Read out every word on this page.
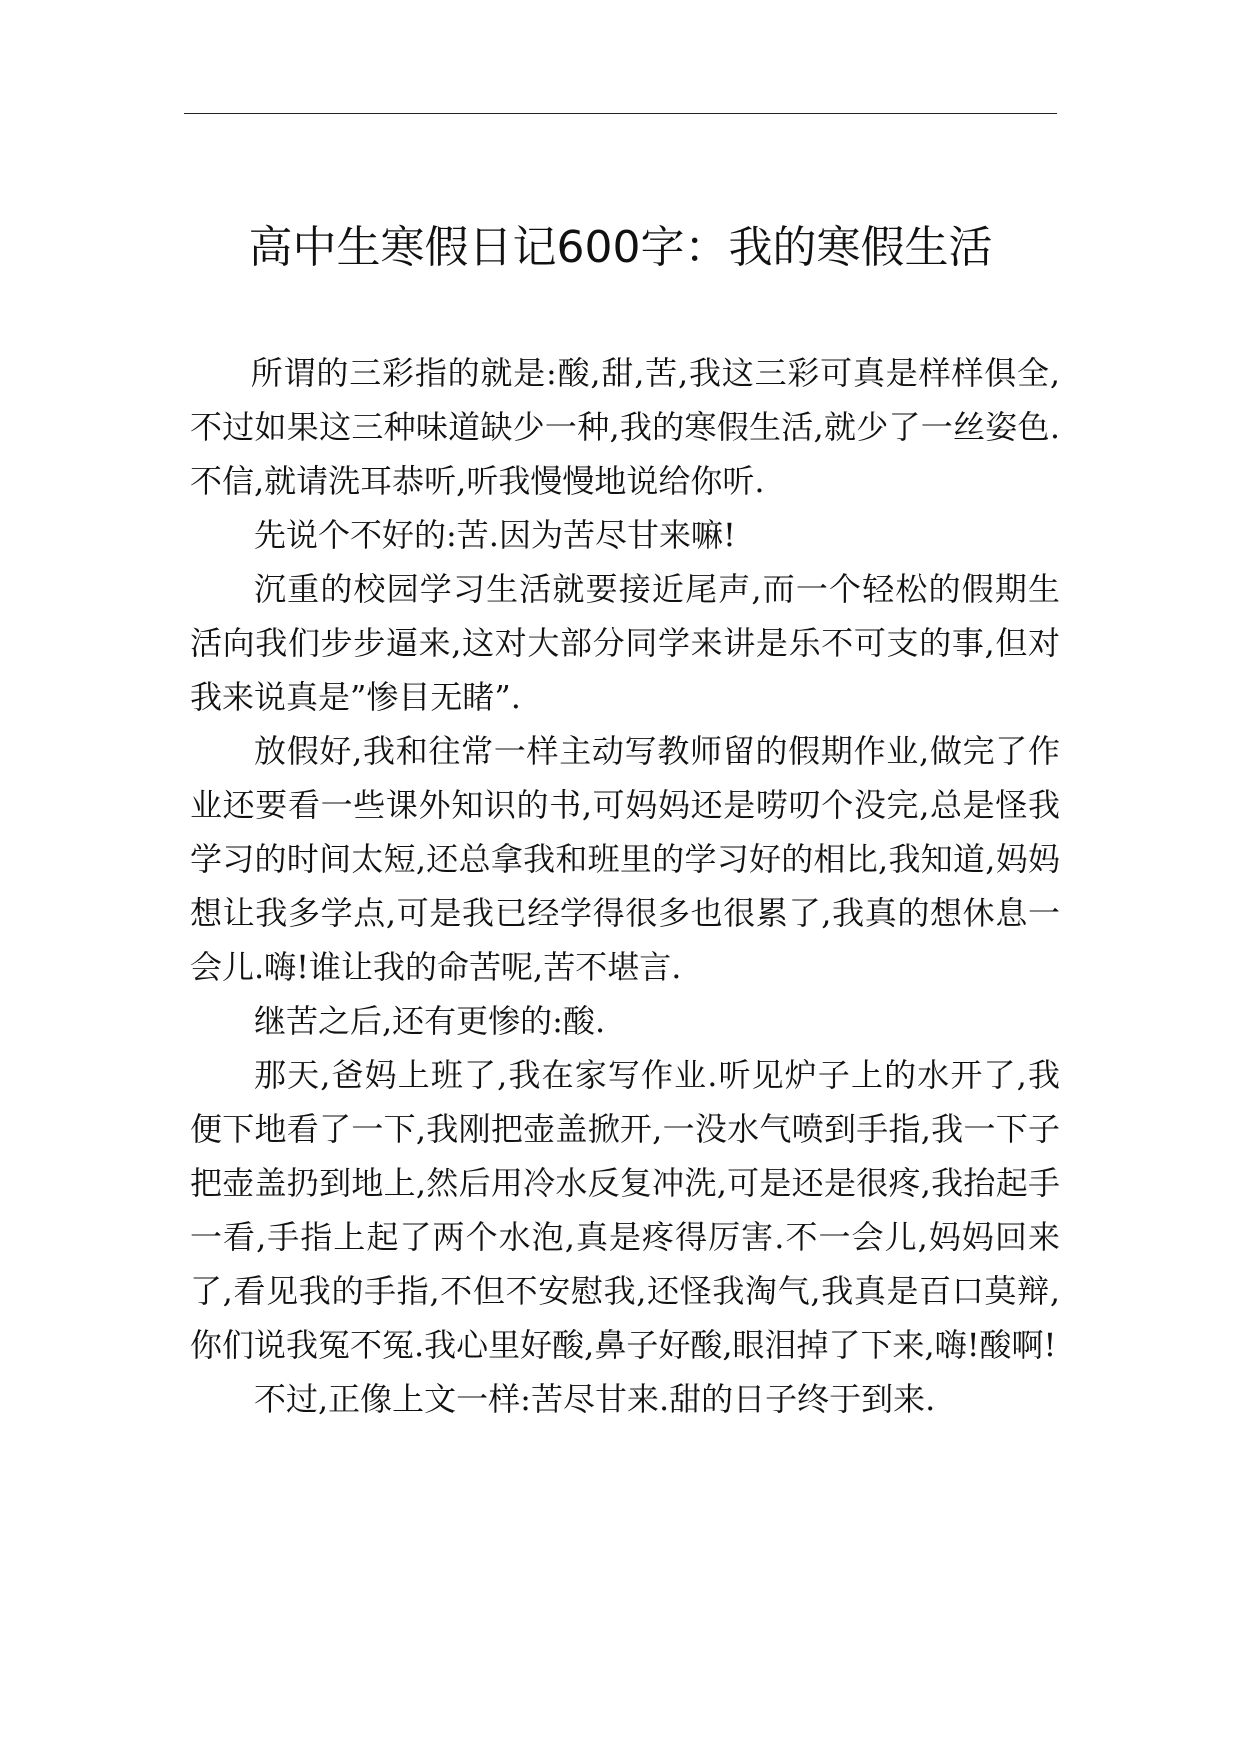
高中生寒假日记600字：我的寒假生活

所谓的三彩指的就是:酸,甜,苦,我这三彩可真是样样俱全,不过如果这三种味道缺少一种,我的寒假生活,就少了一丝姿色.不信,就请洗耳恭听,听我慢慢地说给你听.

先说个不好的:苦.因为苦尽甘来嘛!

沉重的校园学习生活就要接近尾声,而一个轻松的假期生活向我们步步逼来,这对大部分同学来讲是乐不可支的事,但对我来说真是”惨目无睹”.

放假好,我和往常一样主动写教师留的假期作业,做完了作业还要看一些课外知识的书,可妈妈还是唠叨个没完,总是怪我学习的时间太短,还总拿我和班里的学习好的相比,我知道,妈妈想让我多学点,可是我已经学得很多也很累了,我真的想休息一会儿.嗨!谁让我的命苦呢,苦不堪言.

继苦之后,还有更惨的:酸.

那天,爸妈上班了,我在家写作业.听见炉子上的水开了,我便下地看了一下,我刚把壶盖掀开,一没水气喷到手指,我一下子把壶盖扔到地上,然后用冷水反复冲洗,可是还是很疼,我抬起手一看,手指上起了两个水泡,真是疼得厉害.不一会儿,妈妈回来了,看见我的手指,不但不安慰我,还怪我淘气,我真是百口莫辩,你们说我冤不冤.我心里好酸,鼻子好酸,眼泪掉了下来,嗨!酸啊!

不过,正像上文一样:苦尽甘来.甜的日子终于到来.
